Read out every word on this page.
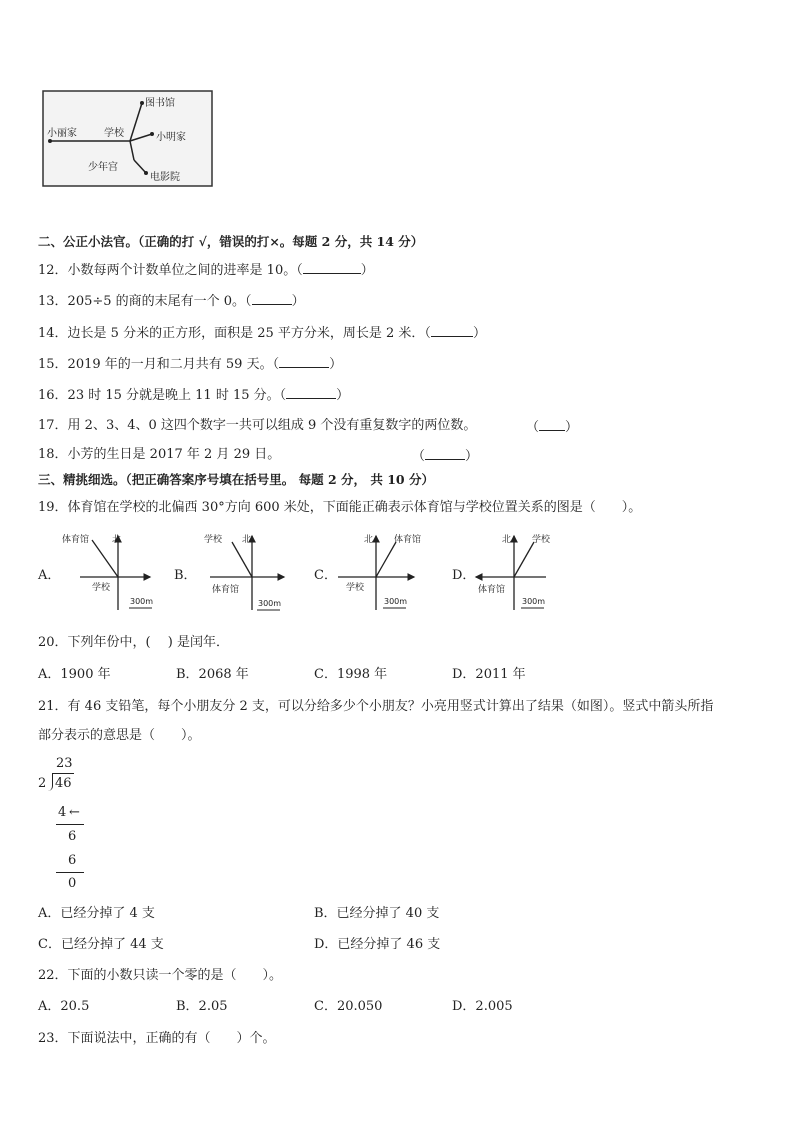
图书馆
学校
小丽家	小明家
少年宫
电影院
二、公正小法官。（正确的打 √，错误的打×。每题 2 分，共 14 分）
12．小数每两个计数单位之间的进率是 10。（	）
13．205÷5 的商的末尾有一个 0。（	）
14．边长是 5 分米的正方形，面积是 25 平方分米，周长是 2 米．（	）
15．2019 年的一月和二月共有 59 天。（	）
16．23 时 15 分就是晚上 11 时 15 分。（	）
17．用 2、3、4、0 这四个数字一共可以组成 9 个没有重复数字的两位数。	（ ）
18．小芳的生日是 2017 年 2 月 29 日。	（	）
三、精挑细选。（把正确答案序号填在括号里。 每题 2 分， 共 10 分）
19．体育馆在学校的北偏西 30°方向 600 米处，下面能正确表示体育馆与学校位置关系的图是（　　）。
A．
体育馆	北
学校
300m
B．
学校 北
体育馆
300m
C．
北 体育馆
学校
300m
D．
北 学校
体育馆
300m
20．下列年份中，(　 ) 是闰年．
A．1900 年	B．2068 年	C．1998 年	D．2011 年
21．有 46 支铅笔，每个小朋友分 2 支，可以分给多少个小朋友？小亮用竖式计算出了结果（如图）。竖式中箭头所指
部分表示的意思是（　　）。
23
2 46
4 ←
6
6
0
A．已经分掉了 4 支	B．已经分掉了 40 支
C．已经分掉了 44 支	D．已经分掉了 46 支
22．下面的小数只读一个零的是（　　）。
A．20.5	B．2.05	C．20.050	D．2.005
23．下面说法中，正确的有（　　）个。
